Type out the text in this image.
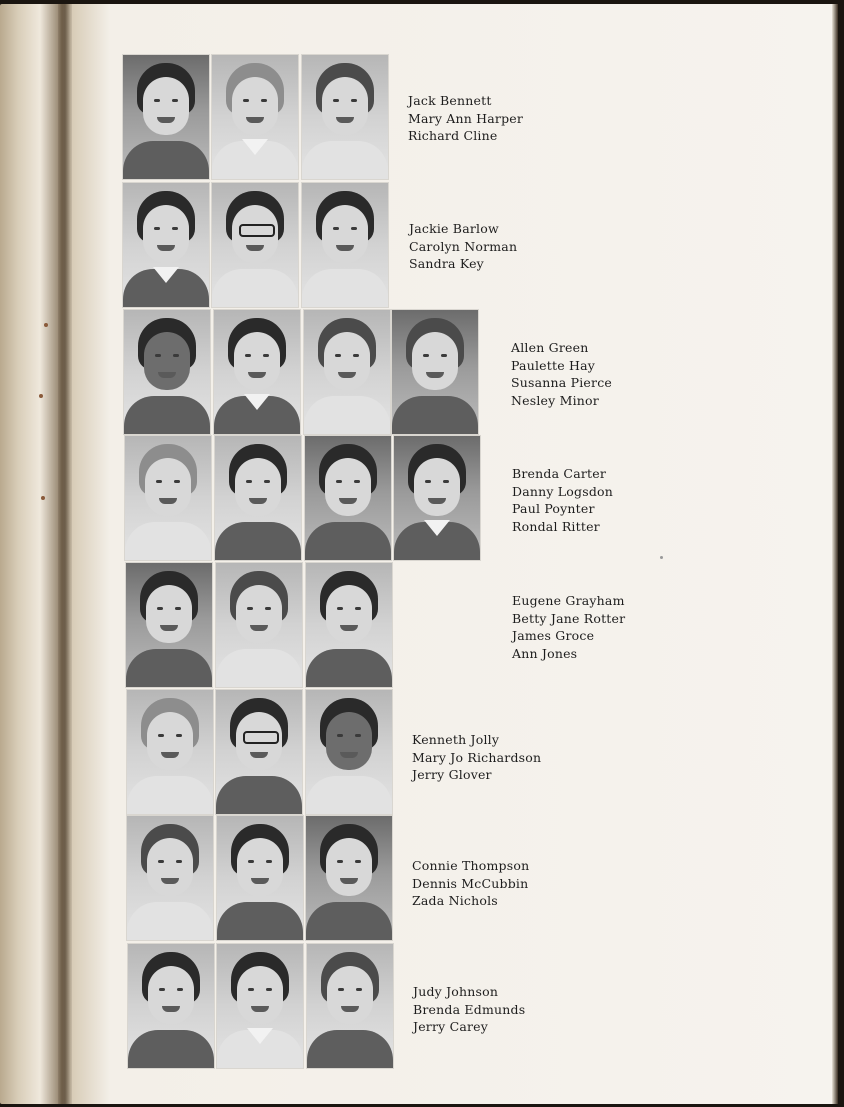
Jack Bennett
Mary Ann Harper
Richard Cline
Jackie Barlow
Carolyn Norman
Sandra Key
Allen Green
Paulette Hay
Susanna Pierce
Nesley Minor
Brenda Carter
Danny Logsdon
Paul Poynter
Rondal Ritter
Eugene Grayham
Betty Jane Rotter
James Groce
Ann Jones
Kenneth Jolly
Mary Jo Richardson
Jerry Glover
Connie Thompson
Dennis McCubbin
Zada Nichols
Judy Johnson
Brenda Edmunds
Jerry Carey
